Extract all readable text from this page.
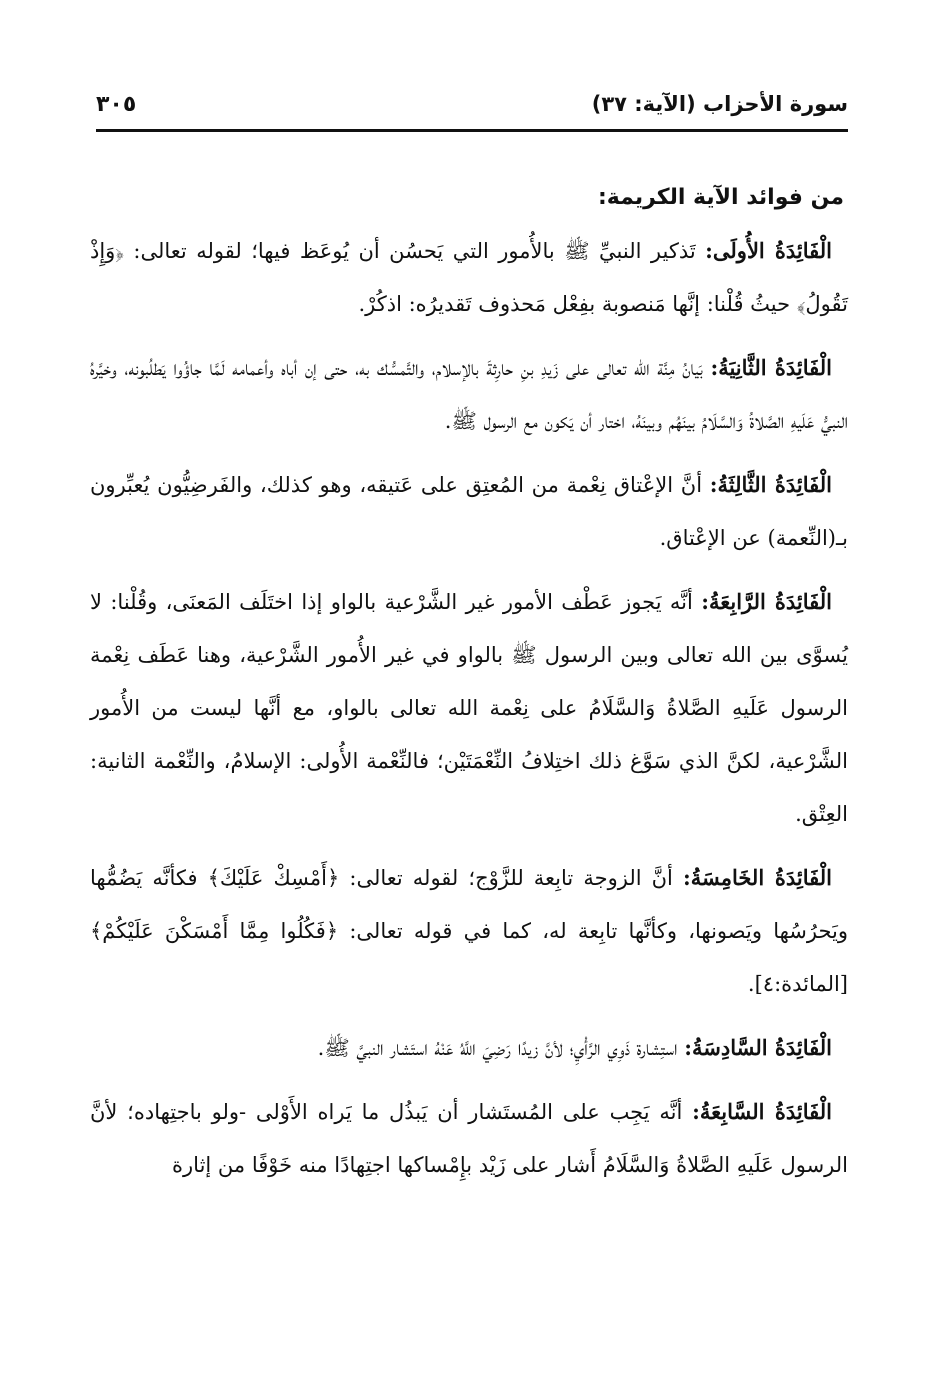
سورة الأحزاب (الآية: ٣٧)
٣٠٥
من فوائد الآية الكريمة:

الْفَائِدَةُ الأُولَى: تَذكير النبيِّ ﷺ بالأُمور التي يَحسُن أن يُوعَظ فيها؛ لقوله تعالى: ﴿وَإِذْ تَقُولُ﴾ حيثُ قُلْنا: إنَّها مَنصوبة بفِعْل مَحذوف تَقديرُه: اذكُرْ.

الْفَائِدَةُ الثَّانِيَةُ: بَيانُ مِنَّة الله تعالى على زَيدِ بنِ حارِثةَ بالإسلام، والتَّمسُّك به، حتى إن أباه وأعمامه لَمَّا جاؤُوا يَطلُبونه، وخيَّرهُ النبيُّ عَلَيهِ الصَّلاةُ وَالسَّلَامُ بينَهُم وبينَهُ، اختار أن يَكون مع الرسول ﷺ.

الْفَائِدَةُ الثَّالِثَةُ: أنَّ الإعْتاق نِعْمة من المُعتِق على عَتيقه، وهو كذلك، والفَرضِيُّون يُعبِّرون بـ(النِّعمة) عن الإعْتاق.

الْفَائِدَةُ الرَّابِعَةُ: أنَّه يَجوز عَطْف الأمور غير الشَّرْعية بالواو إذا اختَلَف المَعنَى، وقُلْنا: لا يُسوَّى بين الله تعالى وبين الرسول ﷺ بالواو في غير الأُمور الشَّرْعية، وهنا عَطَف نِعْمة الرسول عَلَيهِ الصَّلاةُ وَالسَّلَامُ على نِعْمة الله تعالى بالواو، مع أنَّها ليست من الأُمور الشَّرْعية، لكنَّ الذي سَوَّغ ذلك اختِلافُ النِّعْمَتَيْن؛ فالنِّعْمة الأُولى: الإسلامُ، والنِّعْمة الثانية: العِتْق.

الْفَائِدَةُ الخَامِسَةُ: أنَّ الزوجة تابِعة للزَّوْج؛ لقوله تعالى: ﴿أَمْسِكْ عَلَيْكَ﴾ فكأنَّه يَضُمُّها ويَحرُسُها ويَصونها، وكأنَّها تابِعة له، كما في قوله تعالى: ﴿فَكُلُوا مِمَّا أَمْسَكْنَ عَلَيْكُمْ﴾ [المائدة:٤].

الْفَائِدَةُ السَّادِسَةُ: استِشارة ذَوِي الرَّأْيِ؛ لأنَّ زيدًا رَضِيَ اللَّهُ عَنْهُ استَشار النبيَّ ﷺ.

الْفَائِدَةُ السَّابِعَةُ: أنَّه يَجِب على المُستَشار أن يَبذُل ما يَراه الأَوْلى -ولو باجتِهاده؛ لأنَّ الرسول عَلَيهِ الصَّلاةُ وَالسَّلَامُ أَشار على زَيْد بإِمْساكها اجتِهادًا منه خَوْفًا من إثارة
